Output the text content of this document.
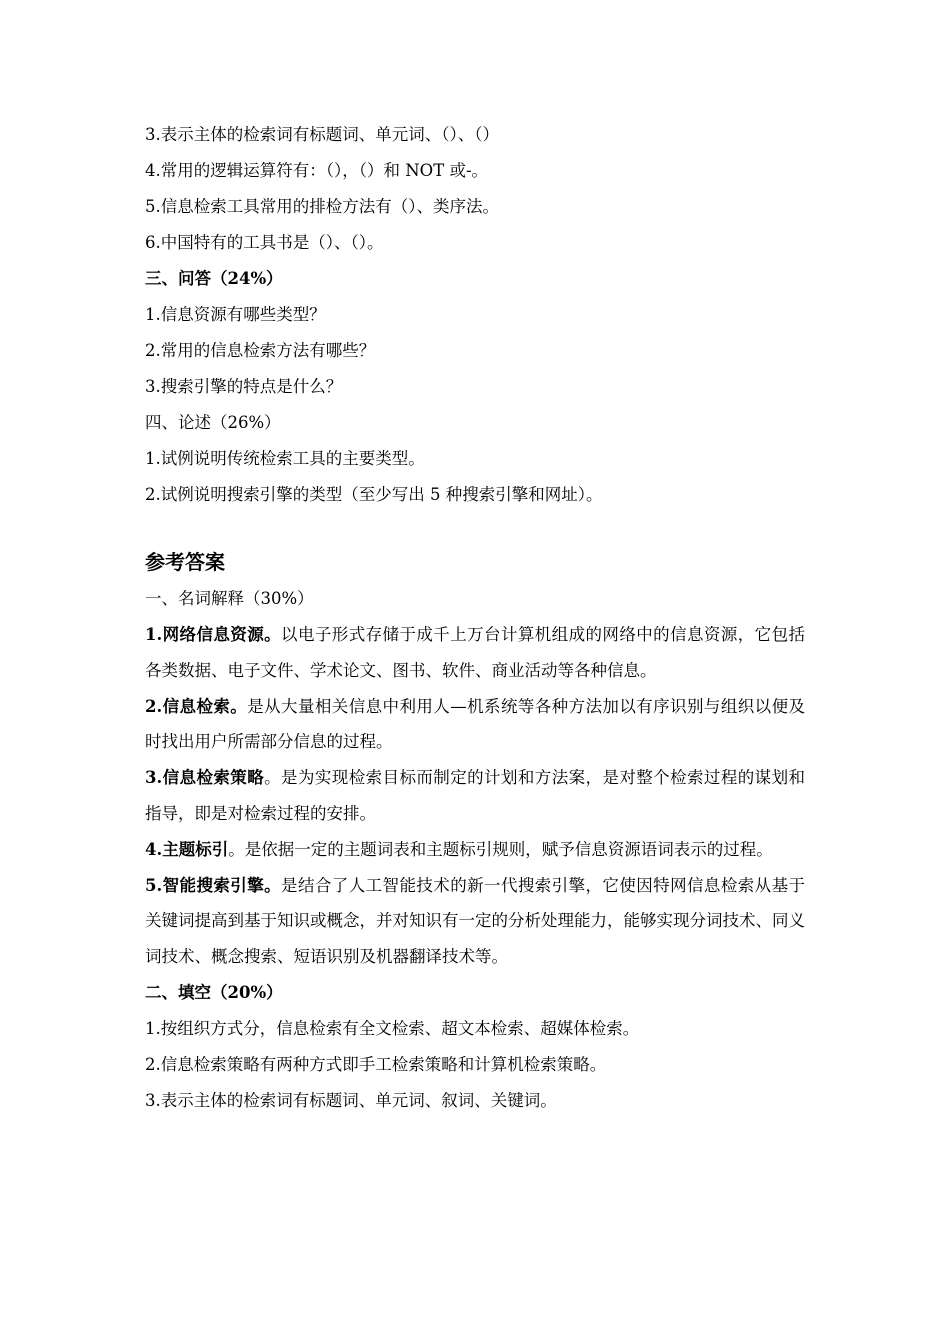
3.表示主体的检索词有标题词、单元词、（）、（）

4.常用的逻辑运算符有：（），（）和 NOT 或-。

5.信息检索工具常用的排检方法有（）、类序法。

6.中国特有的工具书是（）、（）。

三、问答（24%）

1.信息资源有哪些类型？

2.常用的信息检索方法有哪些？

3.搜索引擎的特点是什么？

四、论述（26%）

1.试例说明传统检索工具的主要类型。

2.试例说明搜索引擎的类型（至少写出 5 种搜索引擎和网址）。

参考答案

一、名词解释（30%）

1.网络信息资源。以电子形式存储于成千上万台计算机组成的网络中的信息资源，它包括各类数据、电子文件、学术论文、图书、软件、商业活动等各种信息。

2.信息检索。是从大量相关信息中利用人—机系统等各种方法加以有序识别与组织以便及时找出用户所需部分信息的过程。

3.信息检索策略。是为实现检索目标而制定的计划和方法案，是对整个检索过程的谋划和指导，即是对检索过程的安排。

4.主题标引。是依据一定的主题词表和主题标引规则，赋予信息资源语词表示的过程。

5.智能搜索引擎。是结合了人工智能技术的新一代搜索引擎，它使因特网信息检索从基于关键词提高到基于知识或概念，并对知识有一定的分析处理能力，能够实现分词技术、同义词技术、概念搜索、短语识别及机器翻译技术等。

二、填空（20%）

1.按组织方式分，信息检索有全文检索、超文本检索、超媒体检索。

2.信息检索策略有两种方式即手工检索策略和计算机检索策略。

3.表示主体的检索词有标题词、单元词、叙词、关键词。
